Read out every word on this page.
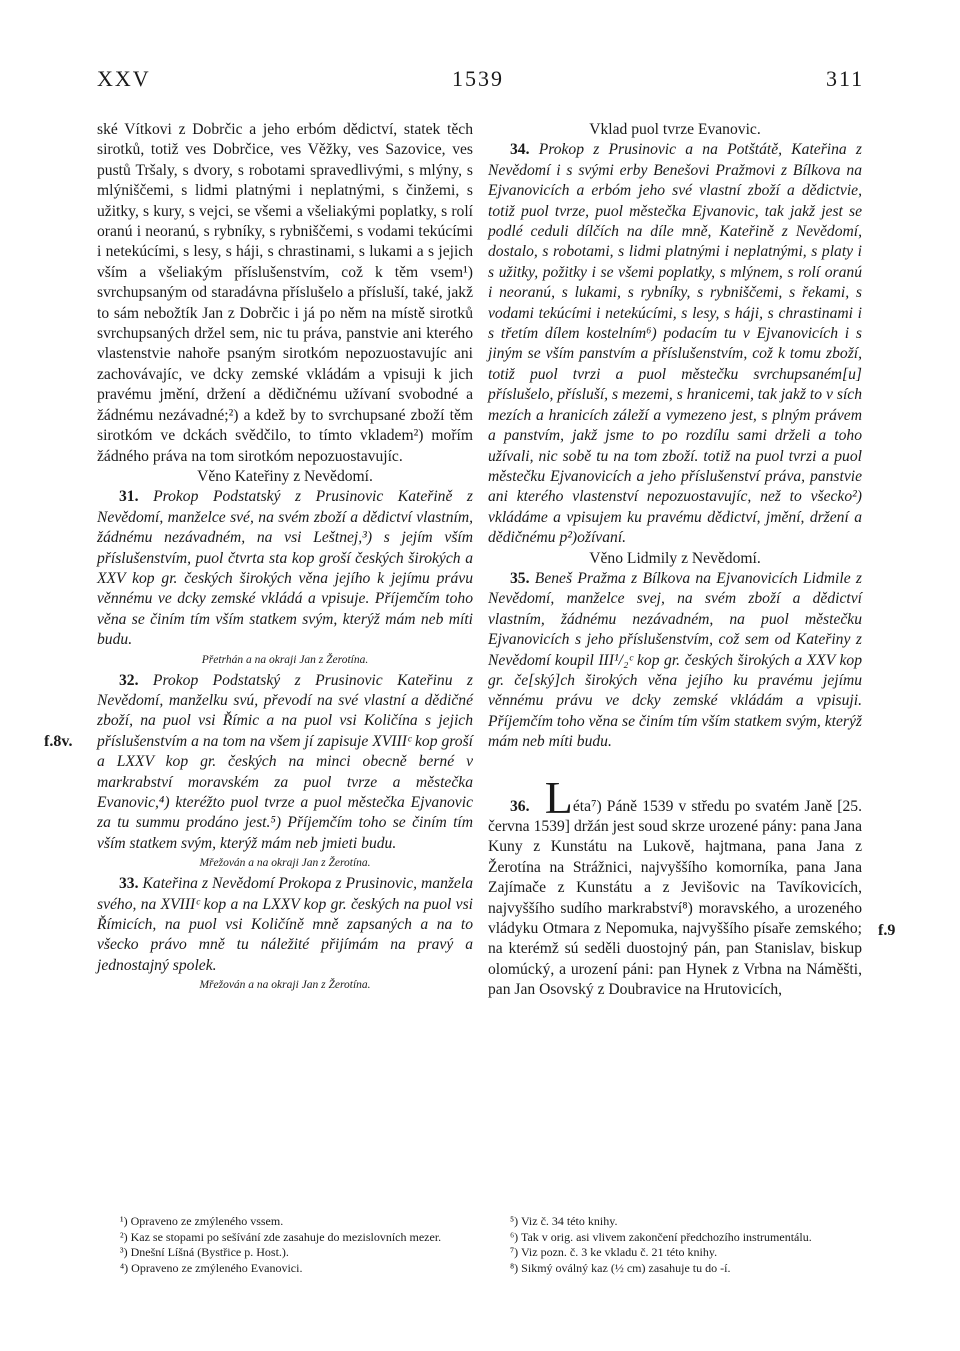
XXV	1539	311

ské Vítkovi z Dobrčic a jeho erbóm dědictví, statek těch sirotků, totiž ves Dobrčice, ves Věžky, ves Sazovice, ves pustů Tršaly, s dvory, s robotami spravedlivými, s mlýny, s mlýniščemi, s lidmi platnými i neplatnými, s činžemi, s užitky, s kury, s vejci, se všemi a všeliakými poplatky, s rolí oranú i neoranú, s rybníky, s rybniščemi, s vodami tekúcími i netekúcími, s lesy, s háji, s chrastinami, s lukami a s jejich vším a všeliakým příslušenstvím, což k těm vsem¹) svrchupsaným od staradávna příslušelo a přísluší, také, jakž to sám nebožtík Jan z Dobrčic i já po něm na místě sirotků svrchupsaných držel sem, nic tu práva, panstvie ani kterého vlastenstvie nahoře psaným sirotkóm nepozuostavujíc ani zachovávajíc, ve dcky zemské vkládám a vpisuji k jich pravému jmění, držení a dědičnému užívaní svobodné a žádnému nezávadné;²) a kdež by to svrchupsané zboží těm sirotkóm ve dckách svědčilo, to tímto vkladem²) mořím žádného práva na tom sirotkóm nepozuostavujíc.

Věno Kateřiny z Nevědomí.

31. Prokop Podstatský z Prusinovic Kateřině z Nevědomí, manželce své, na svém zboží a dědictví vlastním, žádnému nezávadném, na vsi Leštnej,³) s jejím vším příslušenstvím, puol čtvrta sta kop groší českých širokých a XXV kop gr. českých širokých věna jejího k jejímu právu věnnému ve dcky zemské vkládá a vpisuje. Příjemčím toho věna se činím tím vším statkem svým, kterýž mám neb míti budu.

Přetrhán a na okraji Jan z Žerotína.

32. Prokop Podstatský z Prusinovic Kateřinu z Nevědomí, manželku svú, převodí na své vlastní a dědičné zboží, na puol vsi Římic a na puol vsi Količína s jejich příslušenstvím a na tom na všem jí zapisuje XVIIIᶜ kop groší a LXXV kop gr. českých na minci obecně berné v markrabství moravském za puol tvrze a městečka Evanovic,⁴) kteréžto puol tvrze a puol městečka Ejvanovic za tu summu prodáno jest.⁵) Příjemčím toho se činím tím vším statkem svým, kterýž mám neb jmieti budu.

Mřežován a na okraji Jan z Žerotína.

33. Kateřina z Nevědomí Prokopa z Prusinovic, manžela svého, na XVIIIᶜ kop a na LXXV kop gr. českých na puol vsi Římicích, na puol vsi Količíně mně zapsaných a na to všecko právo mně tu náležité přijímám na pravý a jednostajný spolek.

Mřežován a na okraji Jan z Žerotína.

Vklad puol tvrze Evanovic.

34. Prokop z Prusinovic a na Potštátě, Kateřina z Nevědomí i s svými erby Benešovi Pražmovi z Bílkova na Ejvanovicích a erbóm jeho své vlastní zboží a dědictvie, totiž puol tvrze, puol městečka Ejvanovic, tak jakž jest se podlé ceduli dílčích na díle mně, Kateřině z Nevědomí, dostalo, s robotami, s lidmi platnými i neplatnými, s platy i s užitky, požitky i se všemi poplatky, s mlýnem, s rolí oranú i neoranú, s lukami, s rybníky, s rybniščemi, s řekami, s vodami tekúcími i netekúcími, s lesy, s háji, s chrastinami i s třetím dílem kostelním⁶) podacím tu v Ejvanovicích i s jiným se vším panstvím a příslušenstvím, což k tomu zboží, totiž puol tvrzi a puol městečku svrchupsaném[u] příslušelo, přísluší, s mezemi, s hranicemi, tak jakž to v sích mezích a hranicích záleží a vymezeno jest, s plným právem a panstvím, jakž jsme to po rozdílu sami drželi a toho užívali, nic sobě tu na tom zboží. totiž na puol tvrzi a puol městečku Ejvanovicích a jeho příslušenství práva, panstvie ani kterého vlastenství nepozuostavujíc, než to všecko²) vkládáme a vpisujem ku pravému dědictví, jmění, držení a dědičnému p²)ožívaní.

Věno Lidmily z Nevědomí.

35. Beneš Pražma z Bílkova na Ejvanovicích Lidmile z Nevědomí, manželce svej, na svém zboží a dědictví vlastním, žádnému nezávadném, na puol městečku Ejvanovicích s jeho příslušenstvím, což sem od Kateřiny z Nevědomí koupil III¹/₂ᶜ kop gr. českých širokých a XXV kop gr. če[ský]ch širokých věna jejího ku pravému jejímu věnnému právu ve dcky zemské vkládám a vpisuji. Příjemčím toho věna se činím tím vším statkem svým, kterýž mám neb míti budu.

36. Léta⁷) Páně 1539 v středu po svatém Janě [25. června 1539] držán jest soud skrze urozené pány: pana Jana Kuny z Kunstátu na Lukově, hajtmana, pana Jana z Žerotína na Strážnici, najvyššího komorníka, pana Jana Zajímače z Kunstátu a z Jevišovic na Tavíkovicích, najvyššího sudího markrabství⁸) moravského, a urozeného vládyku Otmara z Nepomuka, najvyššího písaře zemského; na kterémž sú seděli duostojný pán, pan Stanislav, biskup olomúcký, a urození páni: pan Hynek z Vrbna na Náměšti, pan Jan Osovský z Doubravice na Hrutovicích,

f.8v.
f.9

¹) Opraveno ze zmýleného vssem.

²) Kaz se stopami po sešívání zde zasahuje do mezislovních mezer.

³) Dnešní Líšná (Bystřice p. Host.).

⁴) Opraveno ze zmýleného Evanovici.

⁵) Viz č. 34 této knihy.

⁶) Tak v orig. asi vlivem zakončení předchozího instrumentálu.

⁷) Viz pozn. č. 3 ke vkladu č. 21 této knihy.

⁸) Sikmý oválný kaz (½ cm) zasahuje tu do -í.
